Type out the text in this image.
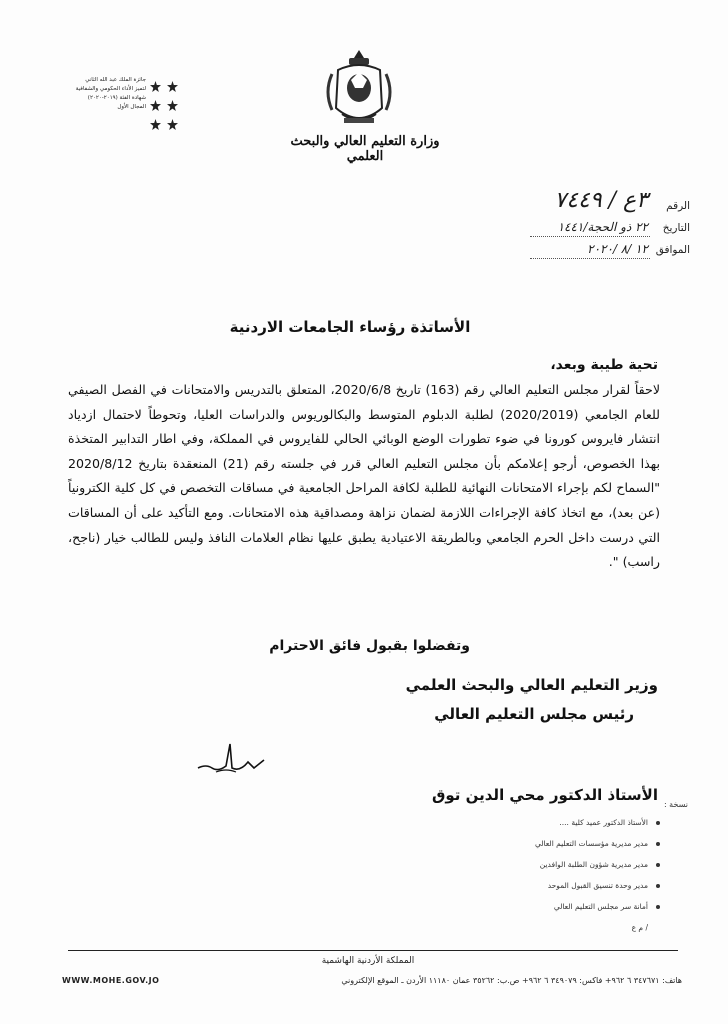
وزارة التعليم العالي والبحث العلمي
جائزة الملك عبد الله الثاني
لتميز الأداء الحكومي والشفافية
شهادة الفئة (٢٠١٩-٢٠٢٠)
المجال الأول

الرقم
٣ع / ٧٤٤٩
التاريخ
٢٢ ذو الحجة/١٤٤١
الموافق
١٢ /٨ /٢٠٢٠
الأساتذة رؤساء الجامعات الاردنية
تحية طيبة وبعد،

لاحقاً لقرار مجلس التعليم العالي رقم (163) تاريخ 2020/6/8، المتعلق بالتدريس والامتحانات في الفصل الصيفي للعام الجامعي (2020/2019) لطلبة الدبلوم المتوسط والبكالوريوس والدراسات العليا، وتحوطاً لاحتمال ازدياد انتشار فايروس كورونا في ضوء تطورات الوضع الوبائي الحالي للفايروس في المملكة، وفي اطار التدابير المتخذة بهذا الخصوص، أرجو إعلامكم بأن مجلس التعليم العالي قرر في جلسته رقم (21) المنعقدة بتاريخ 2020/8/12 "السماح لكم بإجراء الامتحانات النهائية للطلبة لكافة المراحل الجامعية في مساقات التخصص في كل كلية الكترونياً (عن بعد)، مع اتخاذ كافة الإجراءات اللازمة لضمان نزاهة ومصداقية هذه الامتحانات. ومع التأكيد على أن المساقات التي درست داخل الحرم الجامعي وبالطريقة الاعتيادية يطبق عليها نظام العلامات النافذ وليس للطالب خيار (ناجح، راسب) ".

وتفضلوا بقبول فائق الاحترام
وزير التعليم العالي والبحث العلمي
رئيس مجلس التعليم العالي
الأستاذ الدكتور محي الدين توق
نسخة :
الأستاذ الدكتور عميد كلية ....
مدير مديرية مؤسسات التعليم العالي
مدير مديرية شؤون الطلبة الوافدين
مدير وحدة تنسيق القبول الموحد
أمانة سر مجلس التعليم العالي
/ م ع
المملكة الأردنية الهاشمية
WWW.MOHE.GOV.JO	هاتف: ٣٤٧٦٧١ ٦ ٩٦٢+ فاكس: ٣٤٩٠٧٩ ٦ ٩٦٢+ ص.ب: ٣٥٢٦٢ عمان ١١١٨٠ الأردن ـ الموقع الإلكتروني
